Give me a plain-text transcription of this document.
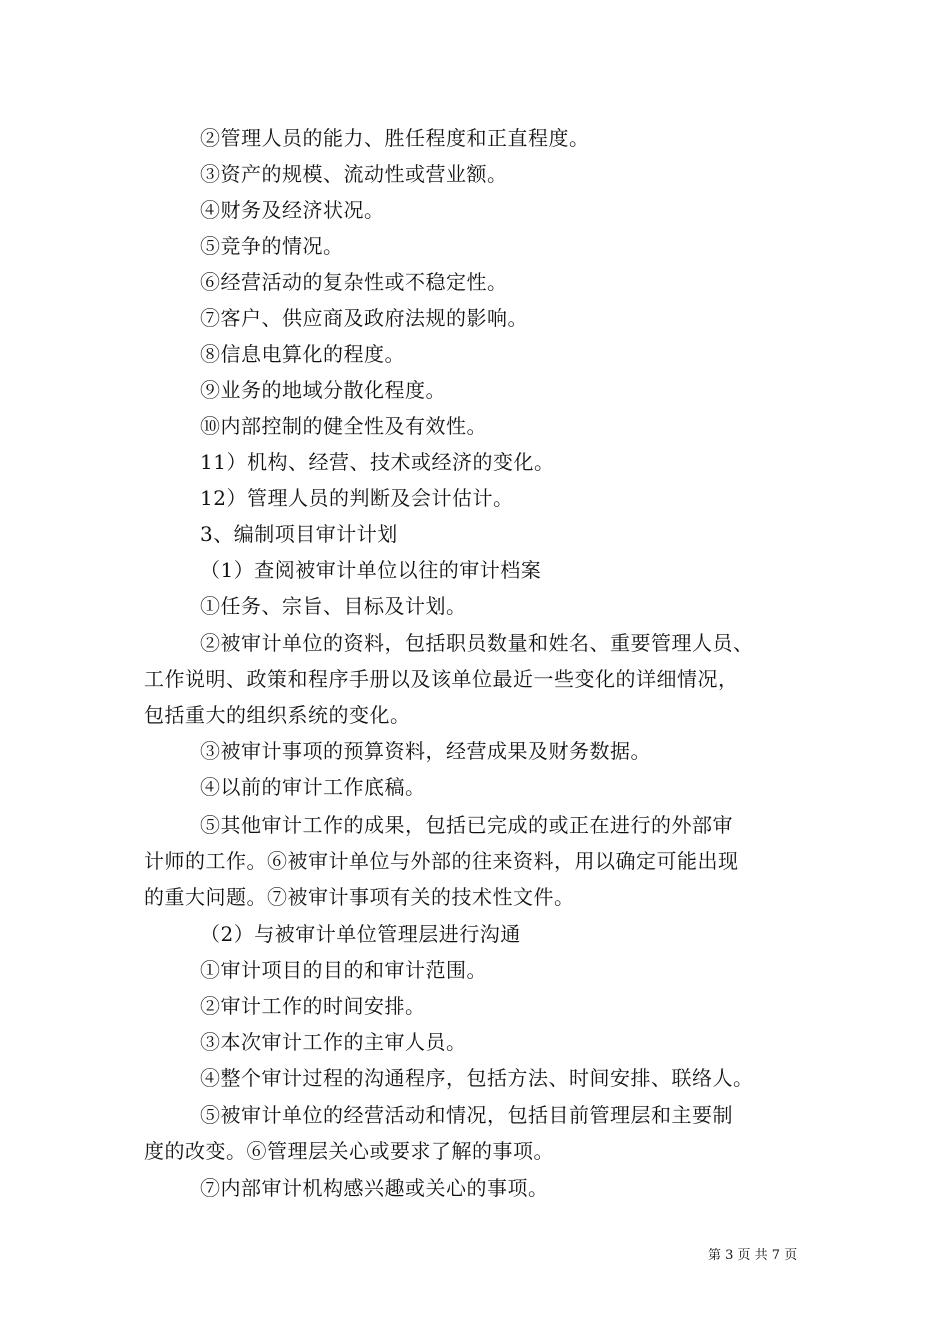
②管理人员的能力、胜任程度和正直程度。
③资产的规模、流动性或营业额。
④财务及经济状况。
⑤竞争的情况。
⑥经营活动的复杂性或不稳定性。
⑦客户、供应商及政府法规的影响。
⑧信息电算化的程度。
⑨业务的地域分散化程度。
⑩内部控制的健全性及有效性。
11）机构、经营、技术或经济的变化。
12）管理人员的判断及会计估计。
3、编制项目审计计划
（1）查阅被审计单位以往的审计档案
①任务、宗旨、目标及计划。
②被审计单位的资料，包括职员数量和姓名、重要管理人员、
工作说明、政策和程序手册以及该单位最近一些变化的详细情况，
包括重大的组织系统的变化。
③被审计事项的预算资料，经营成果及财务数据。
④以前的审计工作底稿。
⑤其他审计工作的成果，包括已完成的或正在进行的外部审
计师的工作。⑥被审计单位与外部的往来资料，用以确定可能出现
的重大问题。⑦被审计事项有关的技术性文件。
（2）与被审计单位管理层进行沟通
①审计项目的目的和审计范围。
②审计工作的时间安排。
③本次审计工作的主审人员。
④整个审计过程的沟通程序，包括方法、时间安排、联络人。
⑤被审计单位的经营活动和情况，包括目前管理层和主要制
度的改变。⑥管理层关心或要求了解的事项。
⑦内部审计机构感兴趣或关心的事项。
第 3 页 共 7 页
